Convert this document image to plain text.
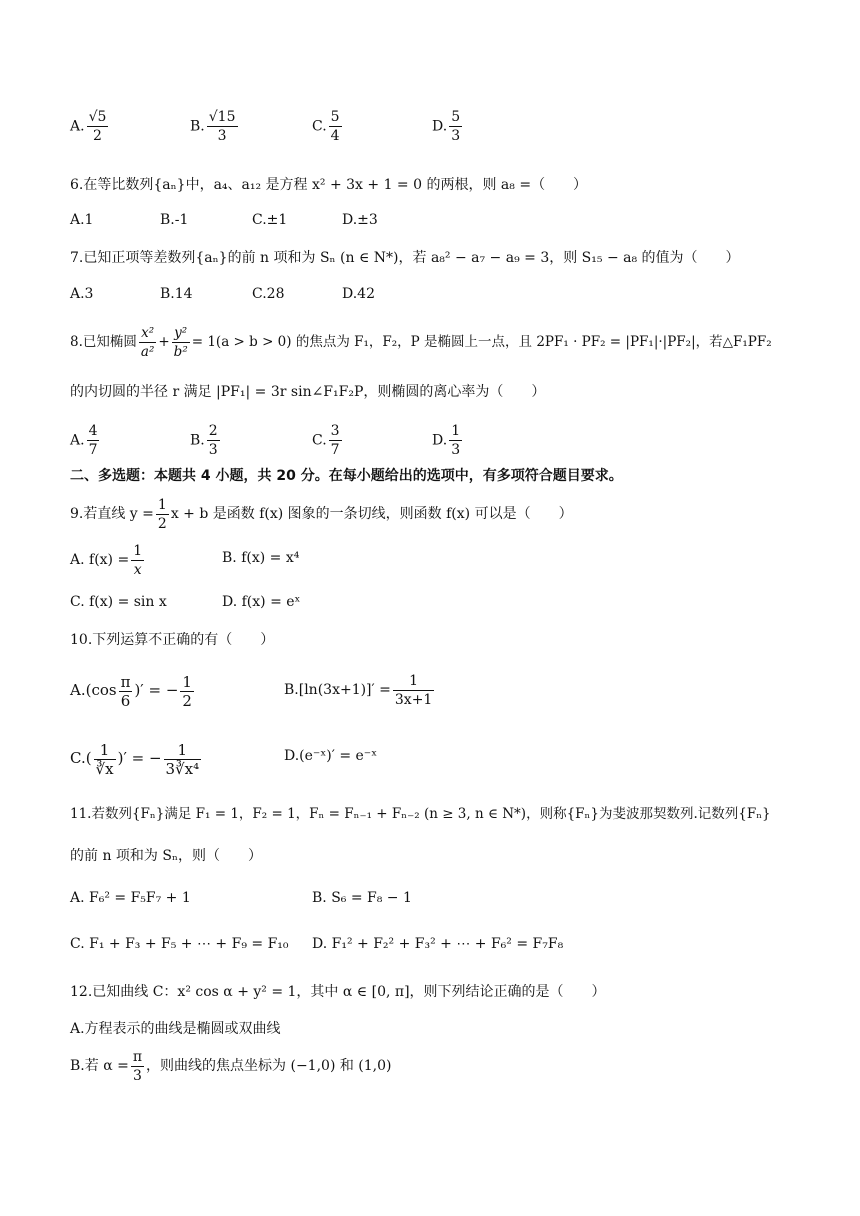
A. $\frac{√5}{2}$	B. $\frac{√15}{3}$	C. $\frac{5}{4}$	D. $\frac{5}{3}$
6.在等比数列{aₙ}中，a₄、a₁₂ 是方程 x² + 3x + 1 = 0 的两根，则 a₈ =（　　）
A.1	B.-1	C.±1	D.±3
7.已知正项等差数列{aₙ}的前 n 项和为 Sₙ (n ∈ N*)，若 a₈² − a₇ − a₉ = 3，则 S₁₅ − a₈ 的值为（　　）
A.3	B.14	C.28	D.42
8.已知椭圆 $\frac{\text{x²}}{\text{a²}} + \frac{\text{y²}}{\text{b²}} = 1(a > b > 0)$ 的焦点为 F₁，F₂，P 是椭圆上一点，且 2PF₁ · PF₂ = |PF₁|·|PF₂|，若△F₁PF₂
的内切圆的半径 r 满足 |PF₁| = 3r sin∠F₁F₂P，则椭圆的离心率为（　　）
A. $\frac{4}{7}$	B. $\frac{2}{3}$	C. $\frac{3}{7}$	D. $\frac{1}{3}$
二、多选题：本题共 4 小题，共 20 分。在每小题给出的选项中，有多项符合题目要求。
9.若直线 $y = \frac{1}{2}$ x + b 是函数 f(x) 图象的一条切线，则函数 f(x) 可以是（　　）
A. $f(x) = \frac{1}{x}$	B. f(x) = x⁴
C. f(x) = sin x	D. f(x) = eˣ
10.下列运算不正确的有（　　）
$A.(\cos \frac{\pi}{6}$ )′ = − $\frac{1}{2}$	$B.[\ln(3x+1)]' = \frac{1}{3x+1}$
$C.( \frac{1}{∛x}$ )′ = − $\frac{1}{\text{3∛x⁴}}$	D.(e⁻ˣ)′ = e⁻ˣ
11.若数列{Fₙ}满足 F₁ = 1，F₂ = 1，Fₙ = Fₙ₋₁ + Fₙ₋₂ (n ≥ 3, n ∈ N*)，则称{Fₙ}为斐波那契数列.记数列{Fₙ}
的前 n 项和为 Sₙ，则（　　）
A. F₆² = F₅F₇ + 1	B. S₆ = F₈ − 1
C. F₁ + F₃ + F₅ + ⋯ + F₉ = F₁₀ D. F₁² + F₂² + F₃² + ⋯ + F₆² = F₇F₈
12.已知曲线 C：x² cos α + y² = 1，其中 α ∈ [0, π]，则下列结论正确的是（　　）
A.方程表示的曲线是椭圆或双曲线
B.若 $\alpha = \frac{\pi}{3}$ ，则曲线的焦点坐标为 (−1,0) 和 (1,0)
